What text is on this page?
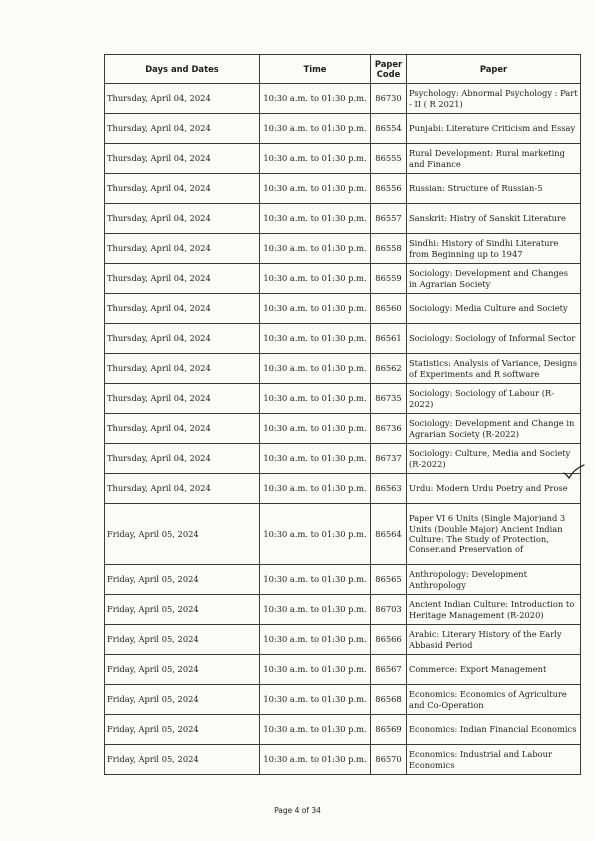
Days and Dates	Time	Paper Code	Paper
Thursday, April 04, 2024	10:30 a.m. to 01:30 p.m.	86730	Psychology: Abnormal Psychology : Part - II ( R 2021)
Thursday, April 04, 2024	10:30 a.m. to 01:30 p.m.	86554	Punjabi: Literature Criticism and Essay
Thursday, April 04, 2024	10:30 a.m. to 01:30 p.m.	86555	Rural Development: Rural marketing and Finance
Thursday, April 04, 2024	10:30 a.m. to 01:30 p.m.	86556	Russian: Structure of Russian-5
Thursday, April 04, 2024	10:30 a.m. to 01:30 p.m.	86557	Sanskrit: Histry of Sanskit Literature
Thursday, April 04, 2024	10:30 a.m. to 01:30 p.m.	86558	Sindhi: History of Sindhi Literature from Beginning up to 1947
Thursday, April 04, 2024	10:30 a.m. to 01:30 p.m.	86559	Sociology: Development and Changes in Agrarian Society
Thursday, April 04, 2024	10:30 a.m. to 01:30 p.m.	86560	Sociology: Media Culture and Society
Thursday, April 04, 2024	10:30 a.m. to 01:30 p.m.	86561	Sociology: Sociology of Informal Sector
Thursday, April 04, 2024	10:30 a.m. to 01:30 p.m.	86562	Statistics: Analysis of Variance, Designs of Experiments and R software
Thursday, April 04, 2024	10:30 a.m. to 01:30 p.m.	86735	Sociology: Sociology of Labour (R-2022)
Thursday, April 04, 2024	10:30 a.m. to 01:30 p.m.	86736	Sociology: Development and Change in Agrarian Society (R-2022)
Thursday, April 04, 2024	10:30 a.m. to 01:30 p.m.	86737	Sociology: Culture, Media and Society (R-2022)
Thursday, April 04, 2024	10:30 a.m. to 01:30 p.m.	86563	Urdu: Modern Urdu Poetry and Prose
Friday, April 05, 2024	10:30 a.m. to 01:30 p.m.	86564	Paper VI 6 Units (Single Major)and 3 Units (Double Major) Ancient Indian Culture: The Study of Protection, Conser.and Preservation of
Friday, April 05, 2024	10:30 a.m. to 01:30 p.m.	86565	Anthropology: Development Anthropology
Friday, April 05, 2024	10:30 a.m. to 01:30 p.m.	86703	Ancient Indian Culture: Introduction to Heritage Management (R-2020)
Friday, April 05, 2024	10:30 a.m. to 01:30 p.m.	86566	Arabic: Literary History of the Early Abbasid Period
Friday, April 05, 2024	10:30 a.m. to 01:30 p.m.	86567	Commerce: Export Management
Friday, April 05, 2024	10:30 a.m. to 01:30 p.m.	86568	Economics: Economics of Agriculture and Co-Operation
Friday, April 05, 2024	10:30 a.m. to 01:30 p.m.	86569	Economics: Indian Financial Economics
Friday, April 05, 2024	10:30 a.m. to 01:30 p.m.	86570	Economics: Industrial and Labour Economics
Page 4 of 34
